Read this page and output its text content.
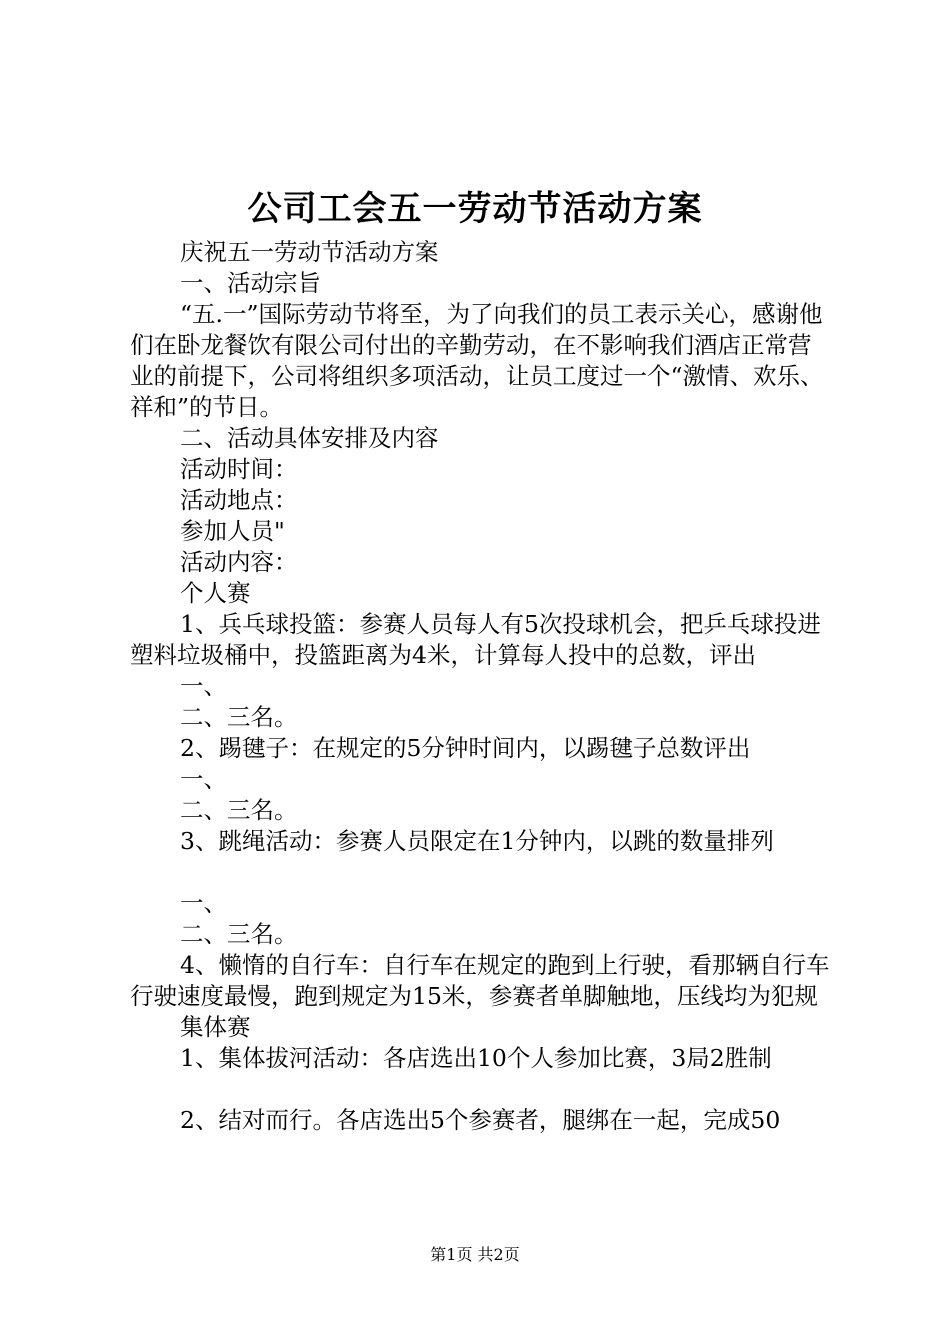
公司工会五一劳动节活动方案

庆祝五一劳动节活动方案

一、活动宗旨

“五.一”国际劳动节将至，为了向我们的员工表示关心，感谢他们在卧龙餐饮有限公司付出的辛勤劳动，在不影响我们酒店正常营业的前提下，公司将组织多项活动，让员工度过一个“激情、欢乐、祥和”的节日。

二、活动具体安排及内容

活动时间：

活动地点：

参加人员"

活动内容：

个人赛

1、兵乓球投篮：参赛人员每人有5次投球机会，把乒乓球投进塑料垃圾桶中，投篮距离为4米，计算每人投中的总数，评出

一、

二、三名。

2、踢毽子：在规定的5分钟时间内，以踢毽子总数评出

一、

二、三名。

3、跳绳活动：参赛人员限定在1分钟内，以跳的数量排列

一、

二、三名。

4、懒惰的自行车：自行车在规定的跑到上行驶，看那辆自行车行驶速度最慢，跑到规定为15米，参赛者单脚触地，压线均为犯规

集体赛

1、集体拔河活动：各店选出10个人参加比赛，3局2胜制

2、结对而行。各店选出5个参赛者，腿绑在一起，完成50

第1页 共2页
